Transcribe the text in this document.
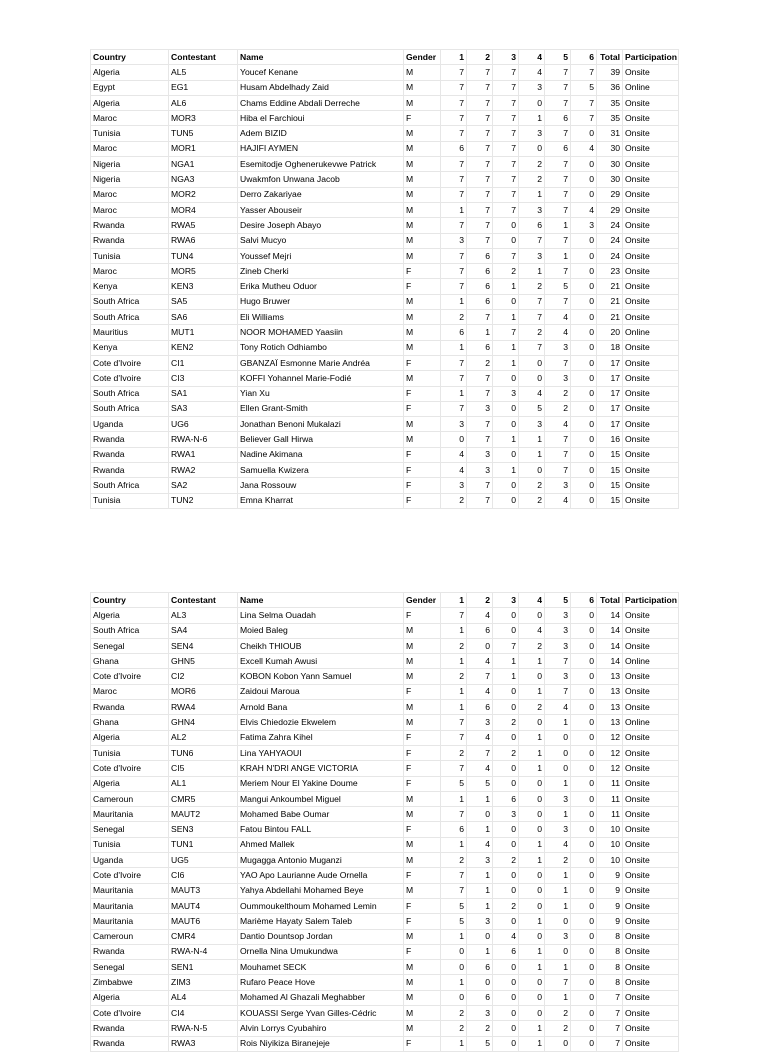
Country	Contestant	Name	Gender	1	2	3	4	5	6	Total	Participation
Algeria	AL5	Youcef Kenane	M	7	7	7	4	7	7	39	Onsite
Egypt	EG1	Husam Abdelhady Zaid	M	7	7	7	3	7	5	36	Online
Algeria	AL6	Chams Eddine Abdali Derreche	M	7	7	7	0	7	7	35	Onsite
Maroc	MOR3	Hiba el Farchioui	F	7	7	7	1	6	7	35	Onsite
Tunisia	TUN5	Adem BIZID	M	7	7	7	3	7	0	31	Onsite
Maroc	MOR1	HAJIFI AYMEN	M	6	7	7	0	6	4	30	Onsite
Nigeria	NGA1	Esemitodje Oghenerukevwe Patrick	M	7	7	7	2	7	0	30	Onsite
Nigeria	NGA3	Uwakmfon Unwana Jacob	M	7	7	7	2	7	0	30	Onsite
Maroc	MOR2	Derro Zakariyae	M	7	7	7	1	7	0	29	Onsite
Maroc	MOR4	Yasser Abouseir	M	1	7	7	3	7	4	29	Onsite
Rwanda	RWA5	Desire Joseph Abayo	M	7	7	0	6	1	3	24	Onsite
Rwanda	RWA6	Salvi Mucyo	M	3	7	0	7	7	0	24	Onsite
Tunisia	TUN4	Youssef Mejri	M	7	6	7	3	1	0	24	Onsite
Maroc	MOR5	Zineb Cherki	F	7	6	2	1	7	0	23	Onsite
Kenya	KEN3	Erika Mutheu Oduor	F	7	6	1	2	5	0	21	Onsite
South Africa	SA5	Hugo Bruwer	M	1	6	0	7	7	0	21	Onsite
South Africa	SA6	Eli Williams	M	2	7	1	7	4	0	21	Onsite
Mauritius	MUT1	NOOR MOHAMED Yaasiin	M	6	1	7	2	4	0	20	Online
Kenya	KEN2	Tony Rotich Odhiambo	M	1	6	1	7	3	0	18	Onsite
Cote d'Ivoire	CI1	GBANZAÏ Esmonne Marie Andréa	F	7	2	1	0	7	0	17	Onsite
Cote d'Ivoire	CI3	KOFFI Yohannel Marie-Fodié	M	7	7	0	0	3	0	17	Onsite
South Africa	SA1	Yian Xu	F	1	7	3	4	2	0	17	Onsite
South Africa	SA3	Ellen Grant-Smith	F	7	3	0	5	2	0	17	Onsite
Uganda	UG6	Jonathan Benoni Mukalazi	M	3	7	0	3	4	0	17	Onsite
Rwanda	RWA-N-6	Believer Gall Hirwa	M	0	7	1	1	7	0	16	Onsite
Rwanda	RWA1	Nadine Akimana	F	4	3	0	1	7	0	15	Onsite
Rwanda	RWA2	Samuella Kwizera	F	4	3	1	0	7	0	15	Onsite
South Africa	SA2	Jana Rossouw	F	3	7	0	2	3	0	15	Onsite
Tunisia	TUN2	Emna Kharrat	F	2	7	0	2	4	0	15	Onsite
Country	Contestant	Name	Gender	1	2	3	4	5	6	Total	Participation
Algeria	AL3	Lina Selma Ouadah	F	7	4	0	0	3	0	14	Onsite
South Africa	SA4	Moied Baleg	M	1	6	0	4	3	0	14	Onsite
Senegal	SEN4	Cheikh THIOUB	M	2	0	7	2	3	0	14	Onsite
Ghana	GHN5	Excell Kumah Awusi	M	1	4	1	1	7	0	14	Online
Cote d'Ivoire	CI2	KOBON Kobon Yann Samuel	M	2	7	1	0	3	0	13	Onsite
Maroc	MOR6	Zaidoui Maroua	F	1	4	0	1	7	0	13	Onsite
Rwanda	RWA4	Arnold Bana	M	1	6	0	2	4	0	13	Onsite
Ghana	GHN4	Elvis Chiedozie Ekwelem	M	7	3	2	0	1	0	13	Online
Algeria	AL2	Fatima Zahra Kihel	F	7	4	0	1	0	0	12	Onsite
Tunisia	TUN6	Lina YAHYAOUI	F	2	7	2	1	0	0	12	Onsite
Cote d'Ivoire	CI5	KRAH N'DRI ANGE VICTORIA	F	7	4	0	1	0	0	12	Onsite
Algeria	AL1	Meriem Nour El Yakine Doume	F	5	5	0	0	1	0	11	Onsite
Cameroun	CMR5	Mangui Ankoumbel Miguel	M	1	1	6	0	3	0	11	Onsite
Mauritania	MAUT2	Mohamed Babe Oumar	M	7	0	3	0	1	0	11	Onsite
Senegal	SEN3	Fatou Bintou FALL	F	6	1	0	0	3	0	10	Onsite
Tunisia	TUN1	Ahmed Mallek	M	1	4	0	1	4	0	10	Onsite
Uganda	UG5	Mugagga Antonio Muganzi	M	2	3	2	1	2	0	10	Onsite
Cote d'Ivoire	CI6	YAO Apo Laurianne Aude Ornella	F	7	1	0	0	1	0	9	Onsite
Mauritania	MAUT3	Yahya Abdellahi Mohamed Beye	M	7	1	0	0	1	0	9	Onsite
Mauritania	MAUT4	Oummoukelthoum Mohamed Lemin	F	5	1	2	0	1	0	9	Onsite
Mauritania	MAUT6	Marième Hayaty Salem Taleb	F	5	3	0	1	0	0	9	Onsite
Cameroun	CMR4	Dantio Dountsop Jordan	M	1	0	4	0	3	0	8	Onsite
Rwanda	RWA-N-4	Ornella Nina Umukundwa	F	0	1	6	1	0	0	8	Onsite
Senegal	SEN1	Mouhamet SECK	M	0	6	0	1	1	0	8	Onsite
Zimbabwe	ZIM3	Rufaro Peace Hove	M	1	0	0	0	7	0	8	Onsite
Algeria	AL4	Mohamed Al Ghazali Meghabber	M	0	6	0	0	1	0	7	Onsite
Cote d'Ivoire	CI4	KOUASSI Serge Yvan Gilles-Cédric	M	2	3	0	0	2	0	7	Onsite
Rwanda	RWA-N-5	Alvin Lorrys Cyubahiro	M	2	2	0	1	2	0	7	Onsite
Rwanda	RWA3	Rois Niyikiza Biranejeje	F	1	5	0	1	0	0	7	Onsite
